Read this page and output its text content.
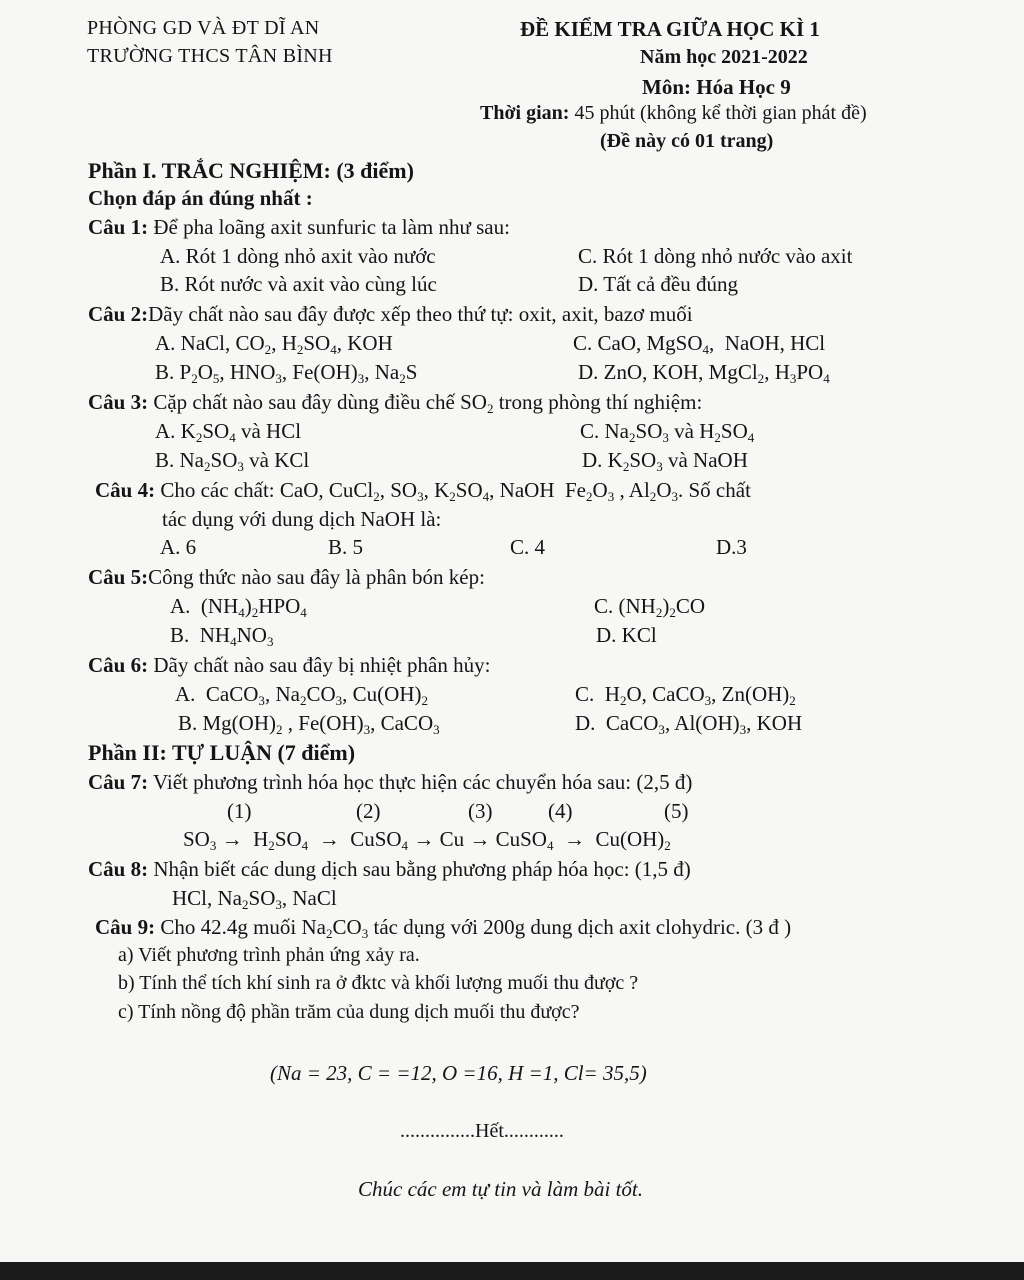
PHÒNG GD VÀ ĐT DĨ AN
TRƯỜNG THCS TÂN BÌNH
ĐỀ KIỂM TRA GIỮA HỌC KÌ 1
Năm học 2021-2022
Môn: Hóa Học 9
Thời gian: 45 phút (không kể thời gian phát đề)
(Đề này có 01 trang)
Phần I. TRẮC NGHIỆM: (3 điểm)
Chọn đáp án đúng nhất :
Câu 1: Để pha loãng axit sunfuric ta làm như sau:
A. Rót 1 dòng nhỏ axit vào nước	C. Rót 1 dòng nhỏ nước vào axit
B. Rót nước và axit vào cùng lúc	D. Tất cả đều đúng
Câu 2:Dãy chất nào sau đây được xếp theo thứ tự: oxit, axit, bazơ muối
A. NaCl, $CO_2$, $H_2SO_4$, KOH	C. CaO, MgSO$_4$,  NaOH, HCl
B. $P_2O_5$, $HNO_3$, $Fe(OH)_3$, $Na_2S$	D. ZnO, KOH, MgCl$_2$, $H_3PO_4$
Câu 3: Cặp chất nào sau đây dùng điều chế $SO_2$ trong phòng thí nghiệm:
A. $K_2SO_4$ và HCl	C. $Na_2SO_3$ và $H_2SO_4$
B. $Na_2SO_3$ và KCl	D. $K_2SO_3$ và NaOH
Câu 4: Cho các chất: CaO, CuCl$_2$, $SO_3$, $K_2SO_4$, NaOH  $Fe_2O_3$ , $Al_2O_3$. Số chất
tác dụng với dung dịch NaOH là:
A. 6	B. 5	C. 4	D.3
Câu 5:Công thức nào sau đây là phân bón kép:
A.  $(NH_4)_2HPO_4$	C. $(NH_2)_2CO$
B.  $NH_4NO_3$	D. KCl
Câu 6: Dãy chất nào sau đây bị nhiệt phân hủy:
A.  CaCO$_3$, $Na_2CO_3$, $Cu(OH)_2$	C.  $H_2O$, CaCO$_3$, $Zn(OH)_2$
B. $Mg(OH)_2$ , $Fe(OH)_3$, CaCO$_3$	D.  CaCO$_3$, $Al(OH)_3$, KOH
Phần II: TỰ LUẬN (7 điểm)
Câu 7: Viết phương trình hóa học thực hiện các chuyển hóa sau: (2,5 đ)
(1)	(2)	(3)	(4)	(5)
$SO_3 \to H_2SO_4$ →  CuSO$_4$ → Cu → CuSO$_4$ →  $Cu(OH)_2$
Câu 8: Nhận biết các dung dịch sau bằng phương pháp hóa học: (1,5 đ)
HCl, $Na_2SO_3$, NaCl
Câu 9: Cho 42.4g muối $Na_2CO_3$ tác dụng với 200g dung dịch axit clohydric. (3 đ )
a) Viết phương trình phản ứng xảy ra.
b) Tính thể tích khí sinh ra ở đktc và khối lượng muối thu được ?
c) Tính nồng độ phần trăm của dung dịch muối thu được?
(Na = 23, C = =12, O =16, H =1, Cl= 35,5)
...............Hết............
Chúc các em tự tin và làm bài tốt.
